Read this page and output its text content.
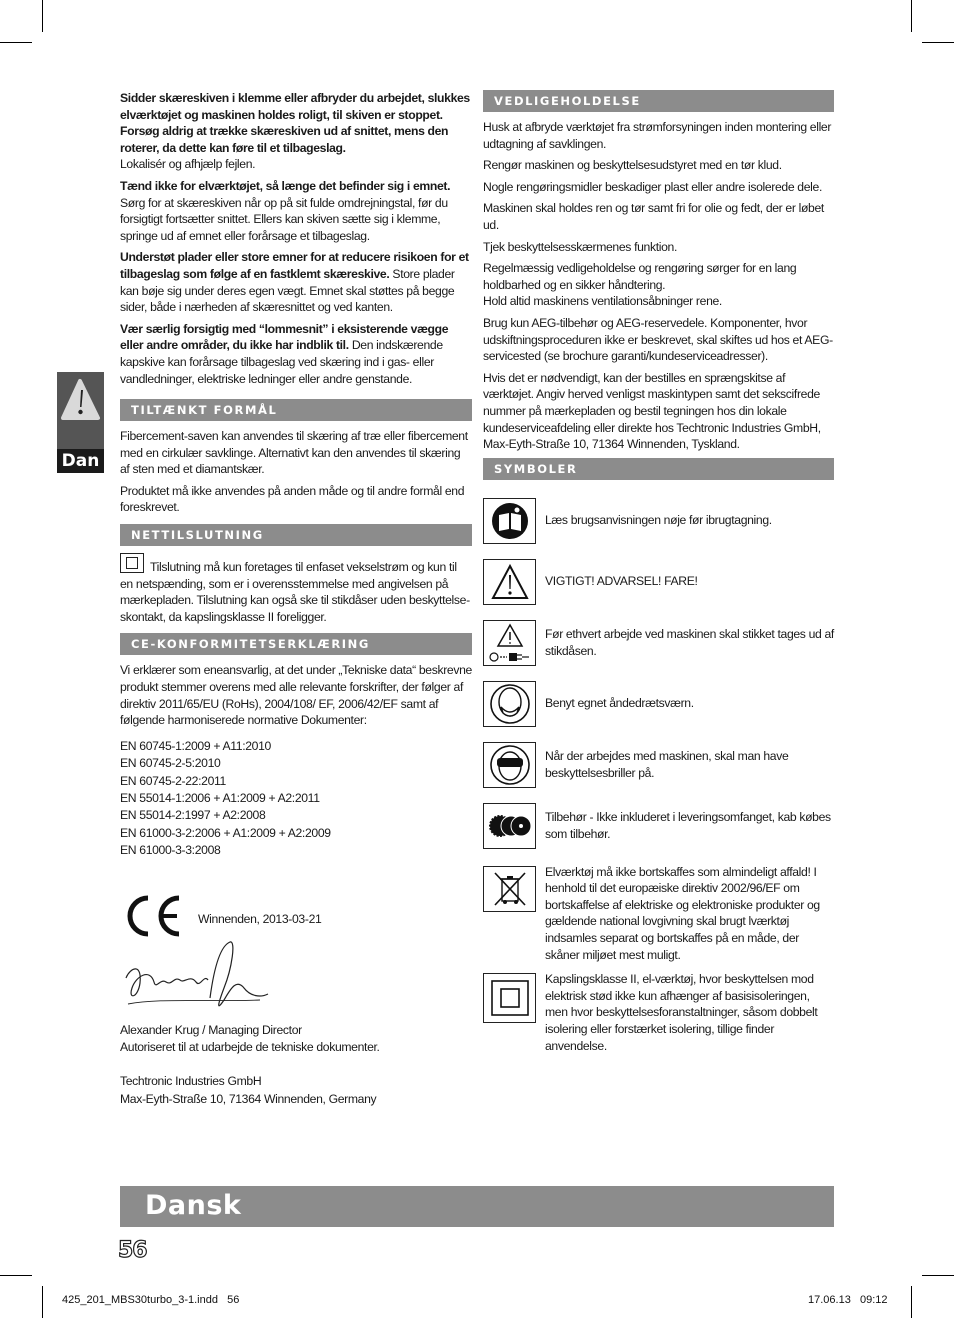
Dan

Sidder skæreskiven i klemme eller afbryder du arbejdet, slukkes elværktøjet og maskinen holdes roligt, til skiven er stoppet. Forsøg aldrig at trække skæreskiven ud af snittet, mens den roterer, da dette kan føre til et tilbageslag.
Lokalisér og afhjælp fejlen.

Tænd ikke for elværktøjet, så længe det befinder sig i emnet.
Sørg for at skæreskiven når op på sit fulde omdrejningstal, før du forsigtigt fortsætter snittet. Ellers kan skiven sætte sig i klemme, springe ud af emnet eller forårsage et tilbageslag.

Understøt plader eller store emner for at reducere risikoen for et tilbageslag som følge af en fastklemt skæreskive. Store plader kan bøje sig under deres egen vægt. Emnet skal støttes på begge sider, både i nærheden af skæresnittet og ved kanten.

Vær særlig forsigtig med “lommesnit” i eksisterende vægge eller andre områder, du ikke har indblik til. Den indskærende kapskive kan forårsage tilbageslag ved skæring ind i gas- eller vandledninger, elektriske ledninger eller andre genstande.

TILTÆNKT FORMÅL

Fibercement-saven kan anvendes til skæring af træ eller fibercement med en cirkulær savklinge. Alternativt kan den anvendes til skæring af sten med et diamantskær.

Produktet må ikke anvendes på anden måde og til andre formål end foreskrevet.

NETTILSLUTNING

Tilslutning må kun foretages til enfaset vekselstrøm og kun til en netspænding, som er i overensstemmelse med angivelsen på mærkepladen. Tilslutning kan også ske til stikdåser uden beskyttelse-skontakt, da kapslingsklasse II foreligger.

CE-KONFORMITETSERKLÆRING

Vi erklærer som eneansvarlig, at det under „Tekniske data“ beskrevne produkt stemmer overens med alle relevante forskrifter, der følger af direktiv 2011/65/EU (RoHs), 2004/108/ EF, 2006/42/EF samt af følgende harmoniserede normative Dokumenter:

EN 60745-1:2009 + A11:2010
EN 60745-2-5:2010
EN 60745-2-22:2011
EN 55014-1:2006 + A1:2009 + A2:2011
EN 55014-2:1997 + A2:2008
EN 61000-3-2:2006 + A1:2009 + A2:2009
EN 61000-3-3:2008
Winnenden, 2013-03-21
Alexander Krug / Managing Director
Autoriseret til at udarbejde de tekniske dokumenter.
Techtronic Industries GmbH
Max-Eyth-Straße 10, 71364 Winnenden, Germany
VEDLIGEHOLDELSE

Husk at afbryde værktøjet fra strømforsyningen inden montering eller udtagning af savklingen.

Rengør maskinen og beskyttelsesudstyret med en tør klud.

Nogle rengøringsmidler beskadiger plast eller andre isolerede dele.

Maskinen skal holdes ren og tør samt fri for olie og fedt, der er løbet ud.

Tjek beskyttelsesskærmenes funktion.

Regelmæssig vedligeholdelse og rengøring sørger for en lang holdbarhed og en sikker håndtering.

Hold altid maskinens ventilationsåbninger rene.

Brug kun AEG-tilbehør og AEG-reservedele. Komponenter, hvor udskiftningsproceduren ikke er beskrevet, skal skiftes ud hos et AEG-servicested (se brochure garanti/kundeserviceadresser).

Hvis det er nødvendigt, kan der bestilles en sprængskitse af værktøjet. Angiv herved venligst maskintypen samt det sekscifrede nummer på mærkepladen og bestil tegningen hos din lokale kundeserviceafdeling eller direkte hos Techtronic Industries GmbH, Max-Eyth-Straße 10, 71364 Winnenden, Tyskland.

SYMBOLER
Læs brugsanvisningen nøje før ibrugtagning.
VIGTIGT! ADVARSEL! FARE!
Før ethvert arbejde ved maskinen skal stikket tages ud af stikdåsen.
Benyt egnet åndedrætsværn.
Når der arbejdes med maskinen, skal man have beskyttelsesbriller på.
Tilbehør - Ikke inkluderet i leveringsomfanget, kab købes som tilbehør.
Elværktøj må ikke bortskaffes som almindeligt affald! I henhold til det europæiske direktiv 2002/96/EF om bortskaffelse af elektriske og elektroniske produkter og gældende national lovgivning skal brugt lværktøj indsamles separat og bortskaffes på en måde, der skåner miljøet mest muligt.
Kapslingsklasse II, el-værktøj, hvor beskyttelsen mod elektrisk stød ikke kun afhænger af basisisoleringen, men hvor beskyttelsesforanstaltninger, såsom dobbelt isolering eller forstærket isolering, tillige finder anvendelse.
Dansk
56
425_201_MBS30turbo_3-1.indd   56	17.06.13   09:12
